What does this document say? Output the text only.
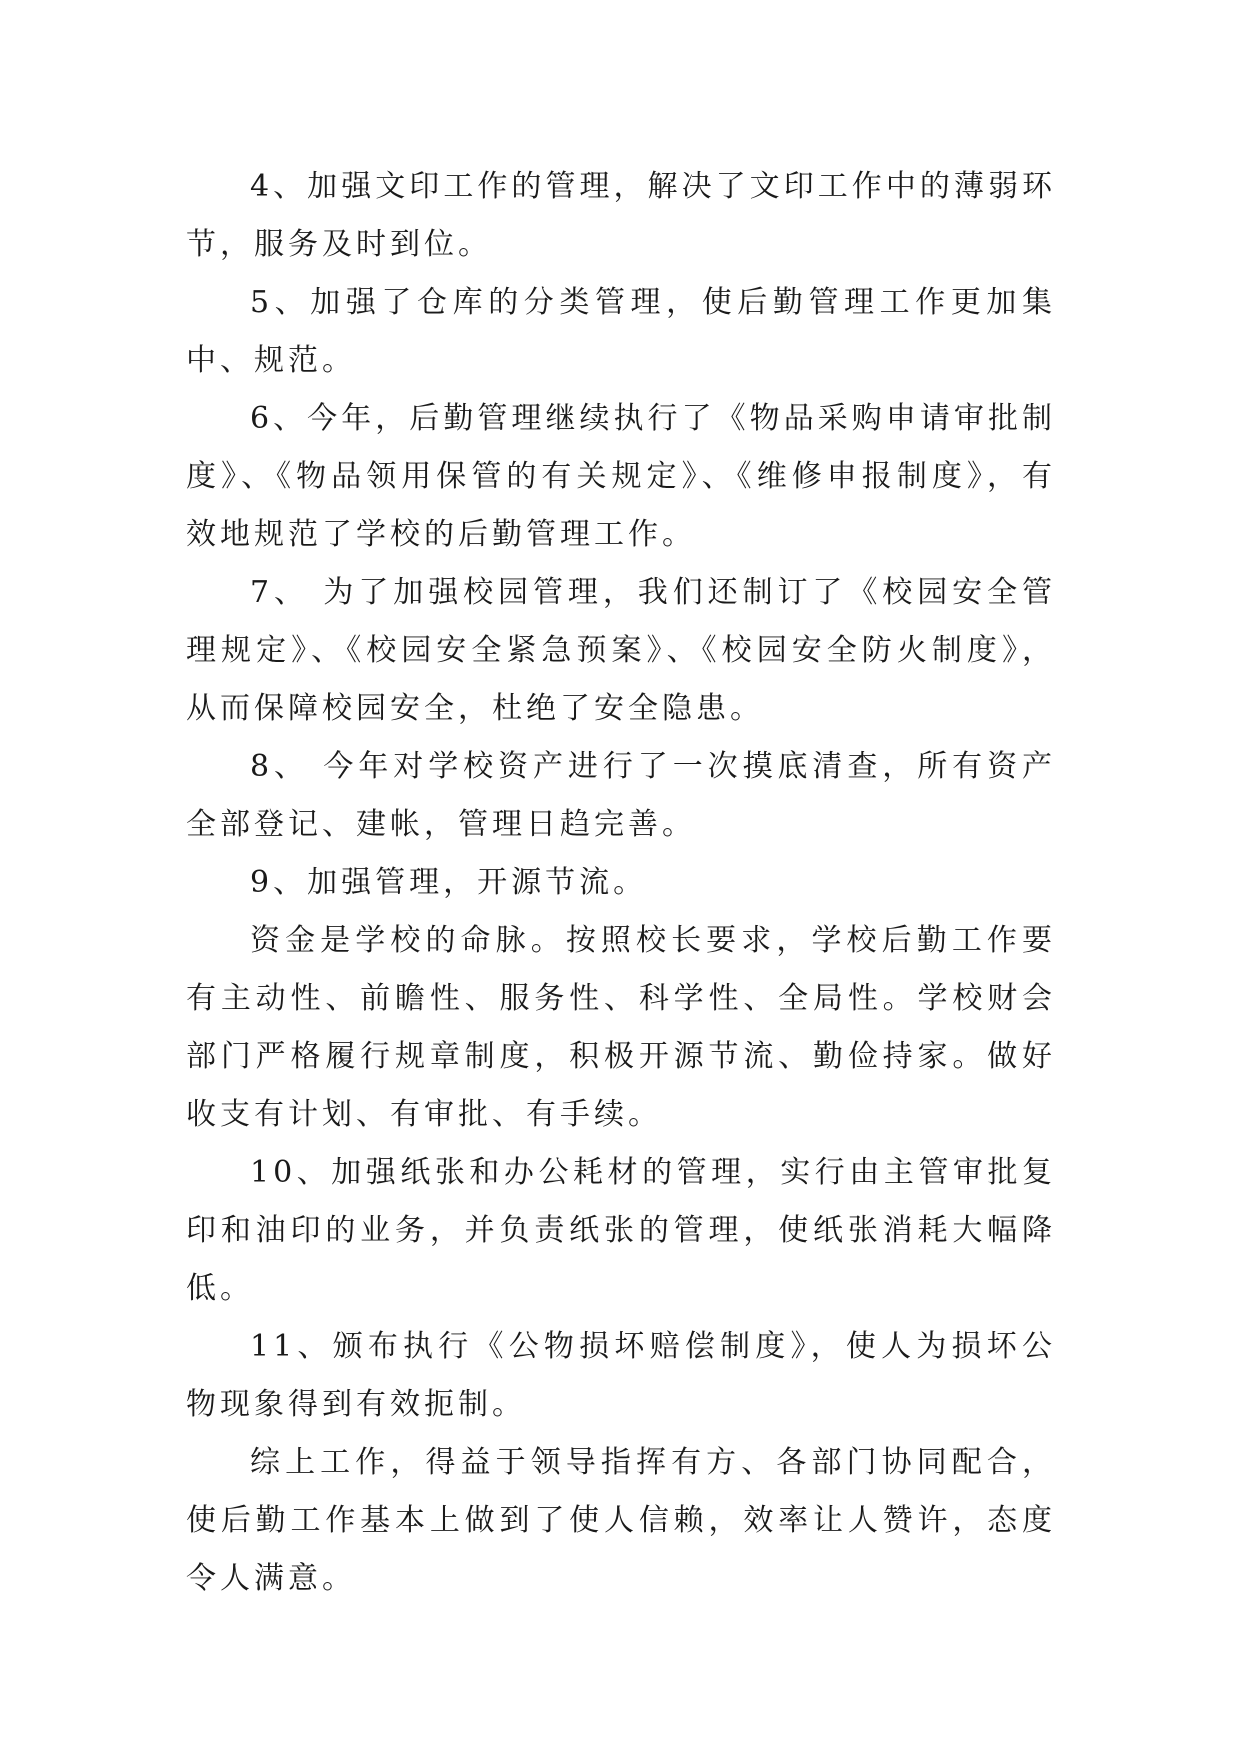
4、加强文印工作的管理，解决了文印工作中的薄弱环节，服务及时到位。

5、加强了仓库的分类管理，使后勤管理工作更加集中、规范。

6、今年，后勤管理继续执行了《物品采购申请审批制度》、《物品领用保管的有关规定》、《维修申报制度》，有效地规范了学校的后勤管理工作。

7、 为了加强校园管理，我们还制订了《校园安全管理规定》、《校园安全紧急预案》、《校园安全防火制度》，从而保障校园安全，杜绝了安全隐患。

8、 今年对学校资产进行了一次摸底清查，所有资产全部登记、建帐，管理日趋完善。

9、加强管理，开源节流。

资金是学校的命脉。按照校长要求，学校后勤工作要有主动性、前瞻性、服务性、科学性、全局性。学校财会部门严格履行规章制度，积极开源节流、勤俭持家。做好收支有计划、有审批、有手续。

10、加强纸张和办公耗材的管理，实行由主管审批复印和油印的业务，并负责纸张的管理，使纸张消耗大幅降低。

11、颁布执行《公物损坏赔偿制度》，使人为损坏公物现象得到有效扼制。

综上工作，得益于领导指挥有方、各部门协同配合，使后勤工作基本上做到了使人信赖，效率让人赞许，态度令人满意。
